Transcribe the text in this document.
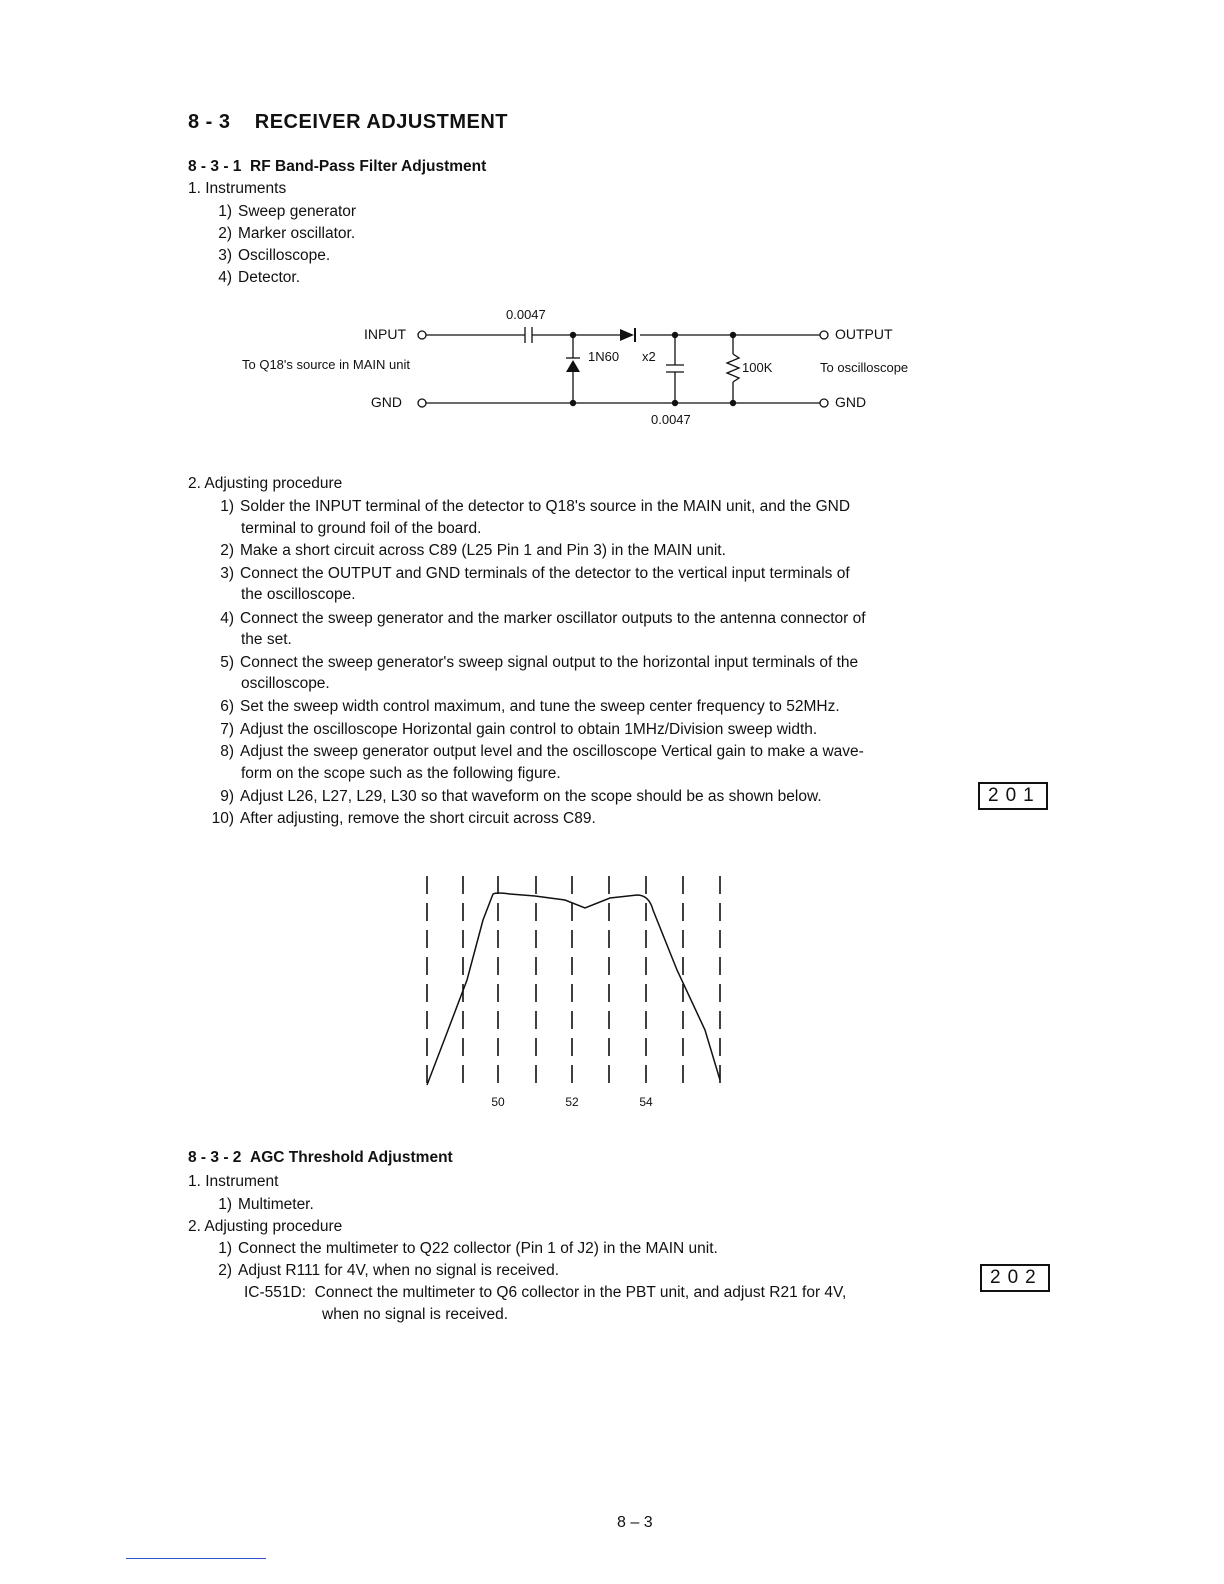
8 - 3 RECEIVER ADJUSTMENT
8 - 3 - 1 RF Band-Pass Filter Adjustment
1. Instruments
1) Sweep generator
2) Marker oscillator.
3) Oscilloscope.
4) Detector.
INPUT
To Q18's source in MAIN unit
GND
0.0047
1N60 x2
100K
0.0047
OUTPUT
To oscilloscope
GND
2. Adjusting procedure
1) Solder the INPUT terminal of the detector to Q18's source in the MAIN unit, and the GND
terminal to ground foil of the board.
2) Make a short circuit across C89 (L25 Pin 1 and Pin 3) in the MAIN unit.
3) Connect the OUTPUT and GND terminals of the detector to the vertical input terminals of
the oscilloscope.
4) Connect the sweep generator and the marker oscillator outputs to the antenna connector of
the set.
5) Connect the sweep generator's sweep signal output to the horizontal input terminals of the
oscilloscope.
6) Set the sweep width control maximum, and tune the sweep center frequency to 52MHz.
7) Adjust the oscilloscope Horizontal gain control to obtain 1MHz/Division sweep width.
8) Adjust the sweep generator output level and the oscilloscope Vertical gain to make a wave-
form on the scope such as the following figure.
9) Adjust L26, L27, L29, L30 so that waveform on the scope should be as shown below.
10) After adjusting, remove the short circuit across C89.
201
50	52	54
8 - 3 - 2 AGC Threshold Adjustment
1. Instrument
1) Multimeter.
2. Adjusting procedure
1) Connect the multimeter to Q22 collector (Pin 1 of J2) in the MAIN unit.
2) Adjust R111 for 4V, when no signal is received.
IC-551D: Connect the multimeter to Q6 collector in the PBT unit, and adjust R21 for 4V,
when no signal is received.
202
8 – 3
